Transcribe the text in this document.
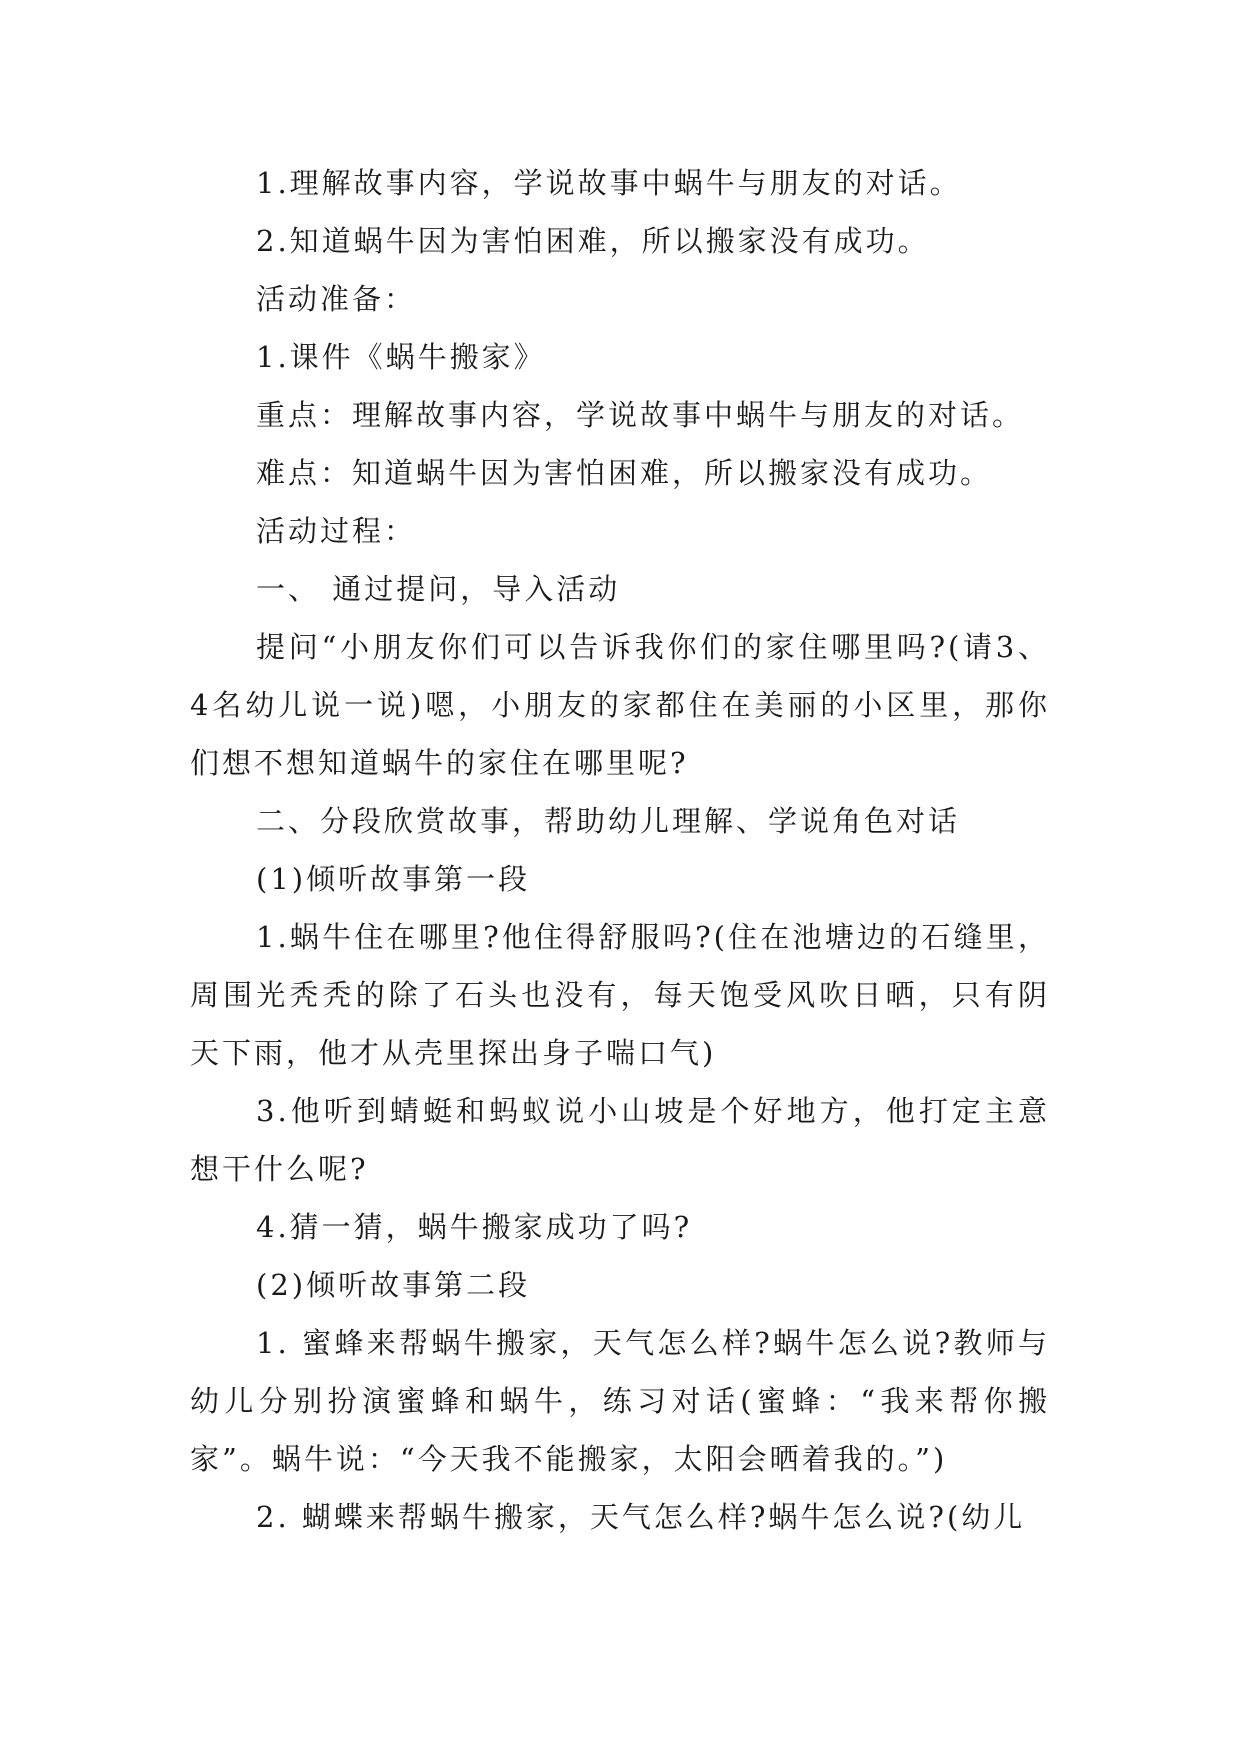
1.理解故事内容，学说故事中蜗牛与朋友的对话。

2.知道蜗牛因为害怕困难，所以搬家没有成功。

活动准备：

1.课件《蜗牛搬家》

重点：理解故事内容，学说故事中蜗牛与朋友的对话。

难点：知道蜗牛因为害怕困难，所以搬家没有成功。

活动过程：

一、 通过提问，导入活动

提问“小朋友你们可以告诉我你们的家住哪里吗?(请3、4名幼儿说一说)嗯，小朋友的家都住在美丽的小区里，那你们想不想知道蜗牛的家住在哪里呢?

二、分段欣赏故事，帮助幼儿理解、学说角色对话

(1)倾听故事第一段

1.蜗牛住在哪里?他住得舒服吗?(住在池塘边的石缝里，周围光秃秃的除了石头也没有，每天饱受风吹日晒，只有阴天下雨，他才从壳里探出身子喘口气)

3.他听到蜻蜓和蚂蚁说小山坡是个好地方，他打定主意想干什么呢?

4.猜一猜，蜗牛搬家成功了吗?

(2)倾听故事第二段

1. 蜜蜂来帮蜗牛搬家，天气怎么样?蜗牛怎么说?教师与幼儿分别扮演蜜蜂和蜗牛，练习对话(蜜蜂：“我来帮你搬家”。蜗牛说：“今天我不能搬家，太阳会晒着我的。”)

2. 蝴蝶来帮蜗牛搬家，天气怎么样?蜗牛怎么说?(幼儿
